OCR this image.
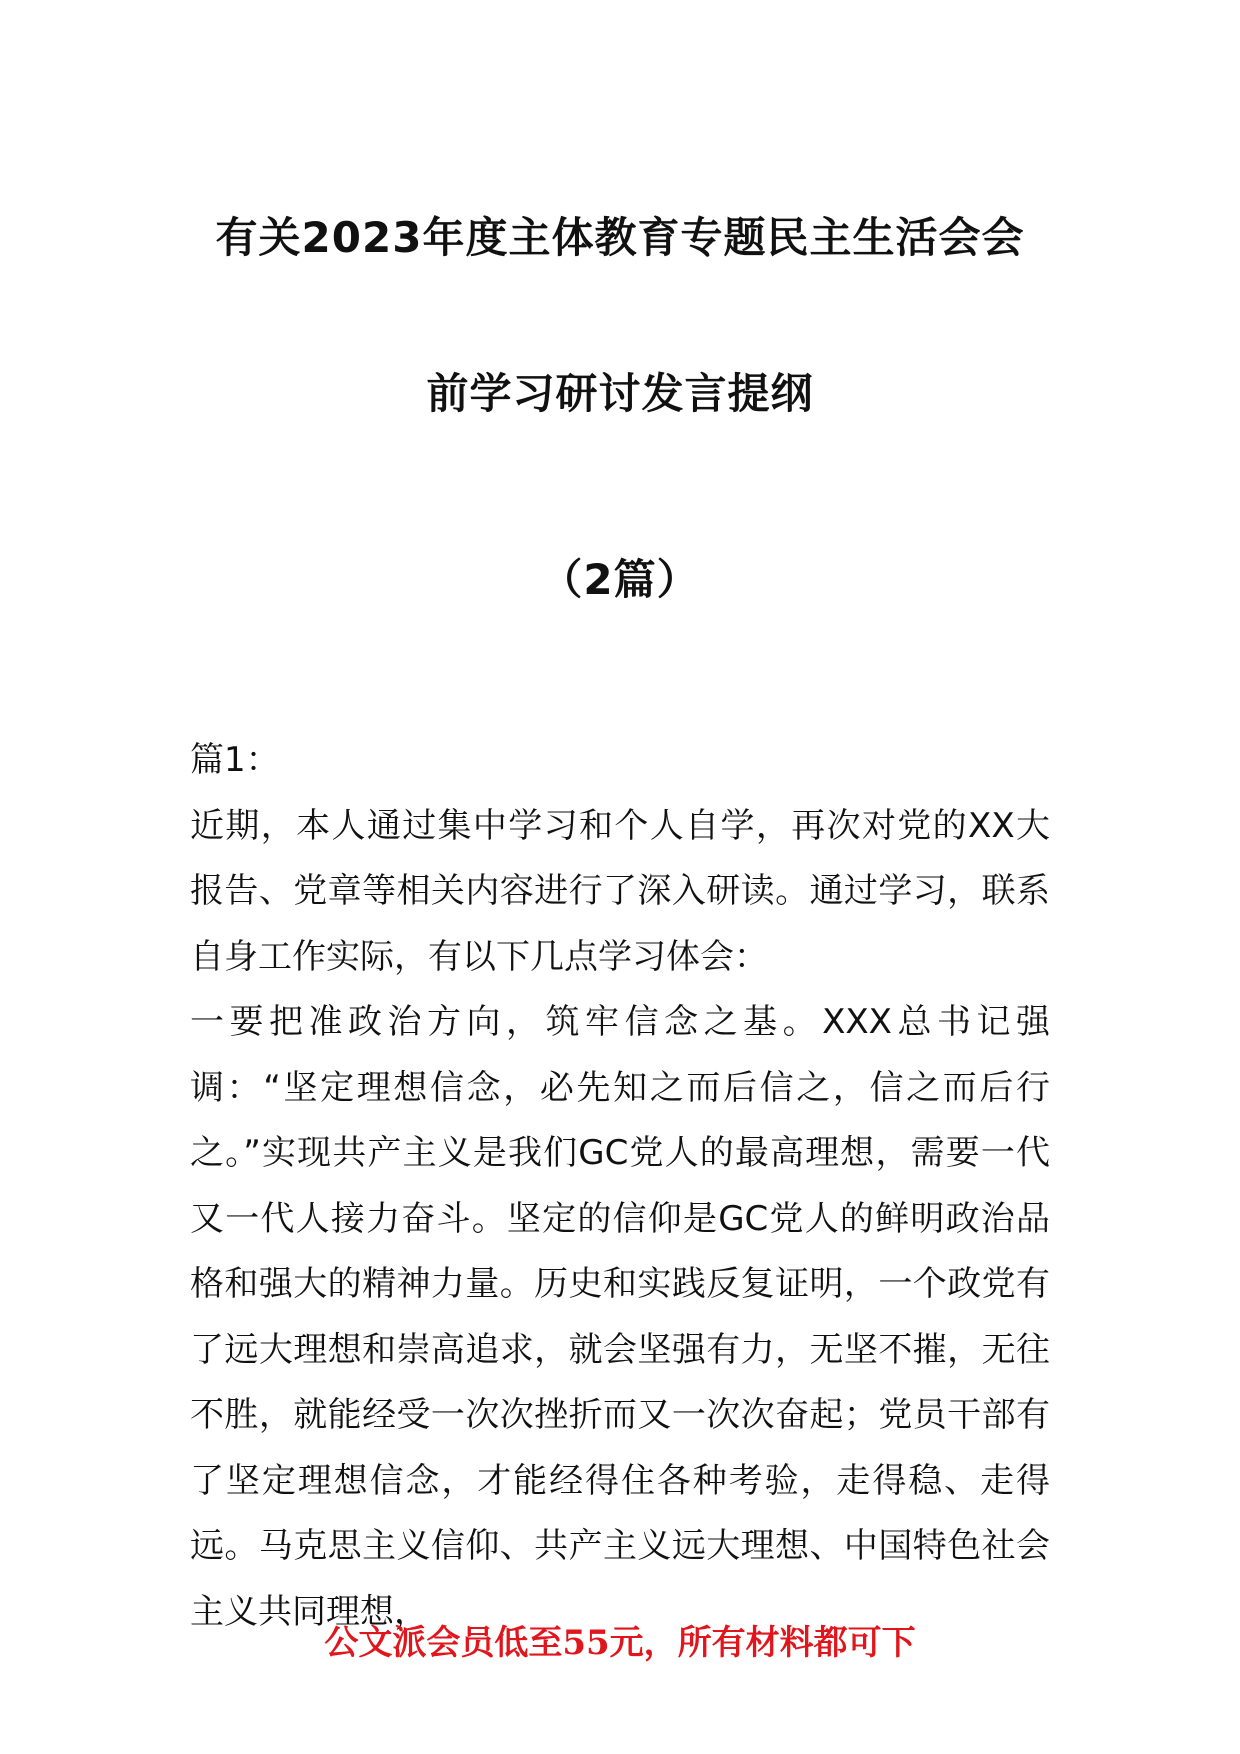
有关2023年度主体教育专题民主生活会会
前学习研讨发言提纲
（2篇）

篇1：

近期，本人通过集中学习和个人自学，再次对党的XX大报告、党章等相关内容进行了深入研读。通过学习，联系自身工作实际，有以下几点学习体会：

一要把准政治方向，筑牢信念之基。XXX总书记强调：“坚定理想信念，必先知之而后信之，信之而后行之。”实现共产主义是我们GC党人的最高理想，需要一代又一代人接力奋斗。坚定的信仰是GC党人的鲜明政治品格和强大的精神力量。历史和实践反复证明，一个政党有了远大理想和崇高追求，就会坚强有力，无坚不摧，无往不胜，就能经受一次次挫折而又一次次奋起；党员干部有了坚定理想信念，才能经得住各种考验，走得稳、走得远。马克思主义信仰、共产主义远大理想、中国特色社会主义共同理想，

公文派会员低至55元，所有材料都可下
